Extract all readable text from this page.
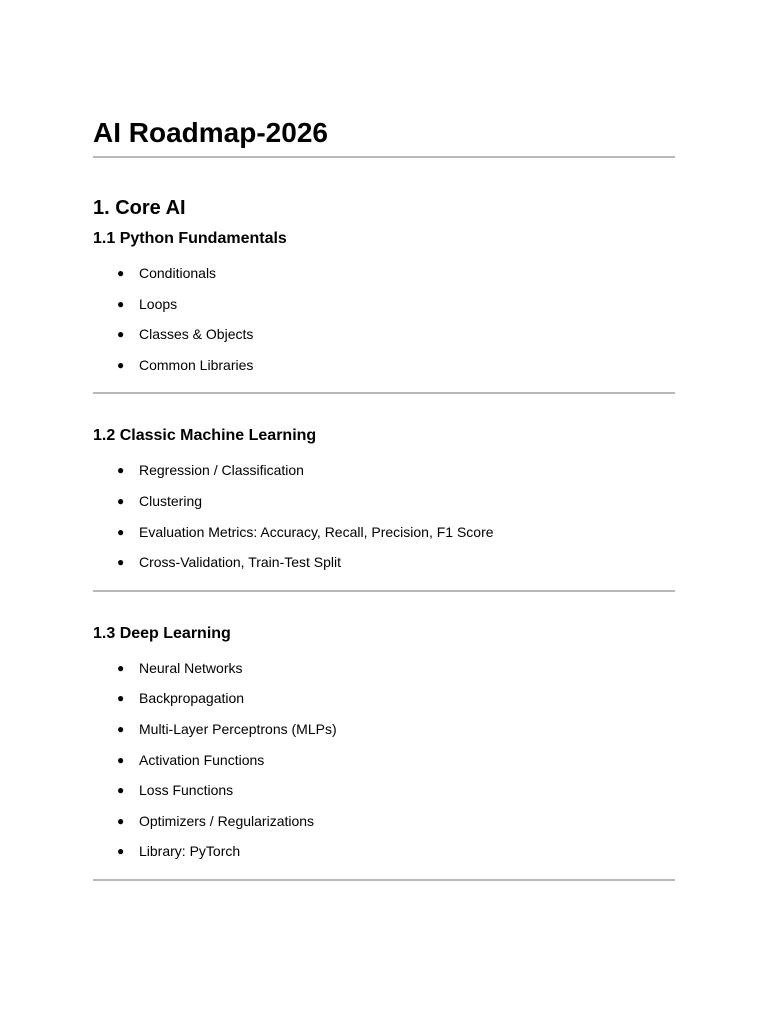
AI Roadmap-2026
1. Core AI
1.1 Python Fundamentals
● Conditionals
● Loops
● Classes & Objects
● Common Libraries
1.2 Classic Machine Learning
● Regression / Classification
● Clustering
● Evaluation Metrics: Accuracy, Recall, Precision, F1 Score
● Cross-Validation, Train-Test Split
1.3 Deep Learning
● Neural Networks
● Backpropagation
● Multi-Layer Perceptrons (MLPs)
● Activation Functions
● Loss Functions
● Optimizers / Regularizations
● Library: PyTorch
